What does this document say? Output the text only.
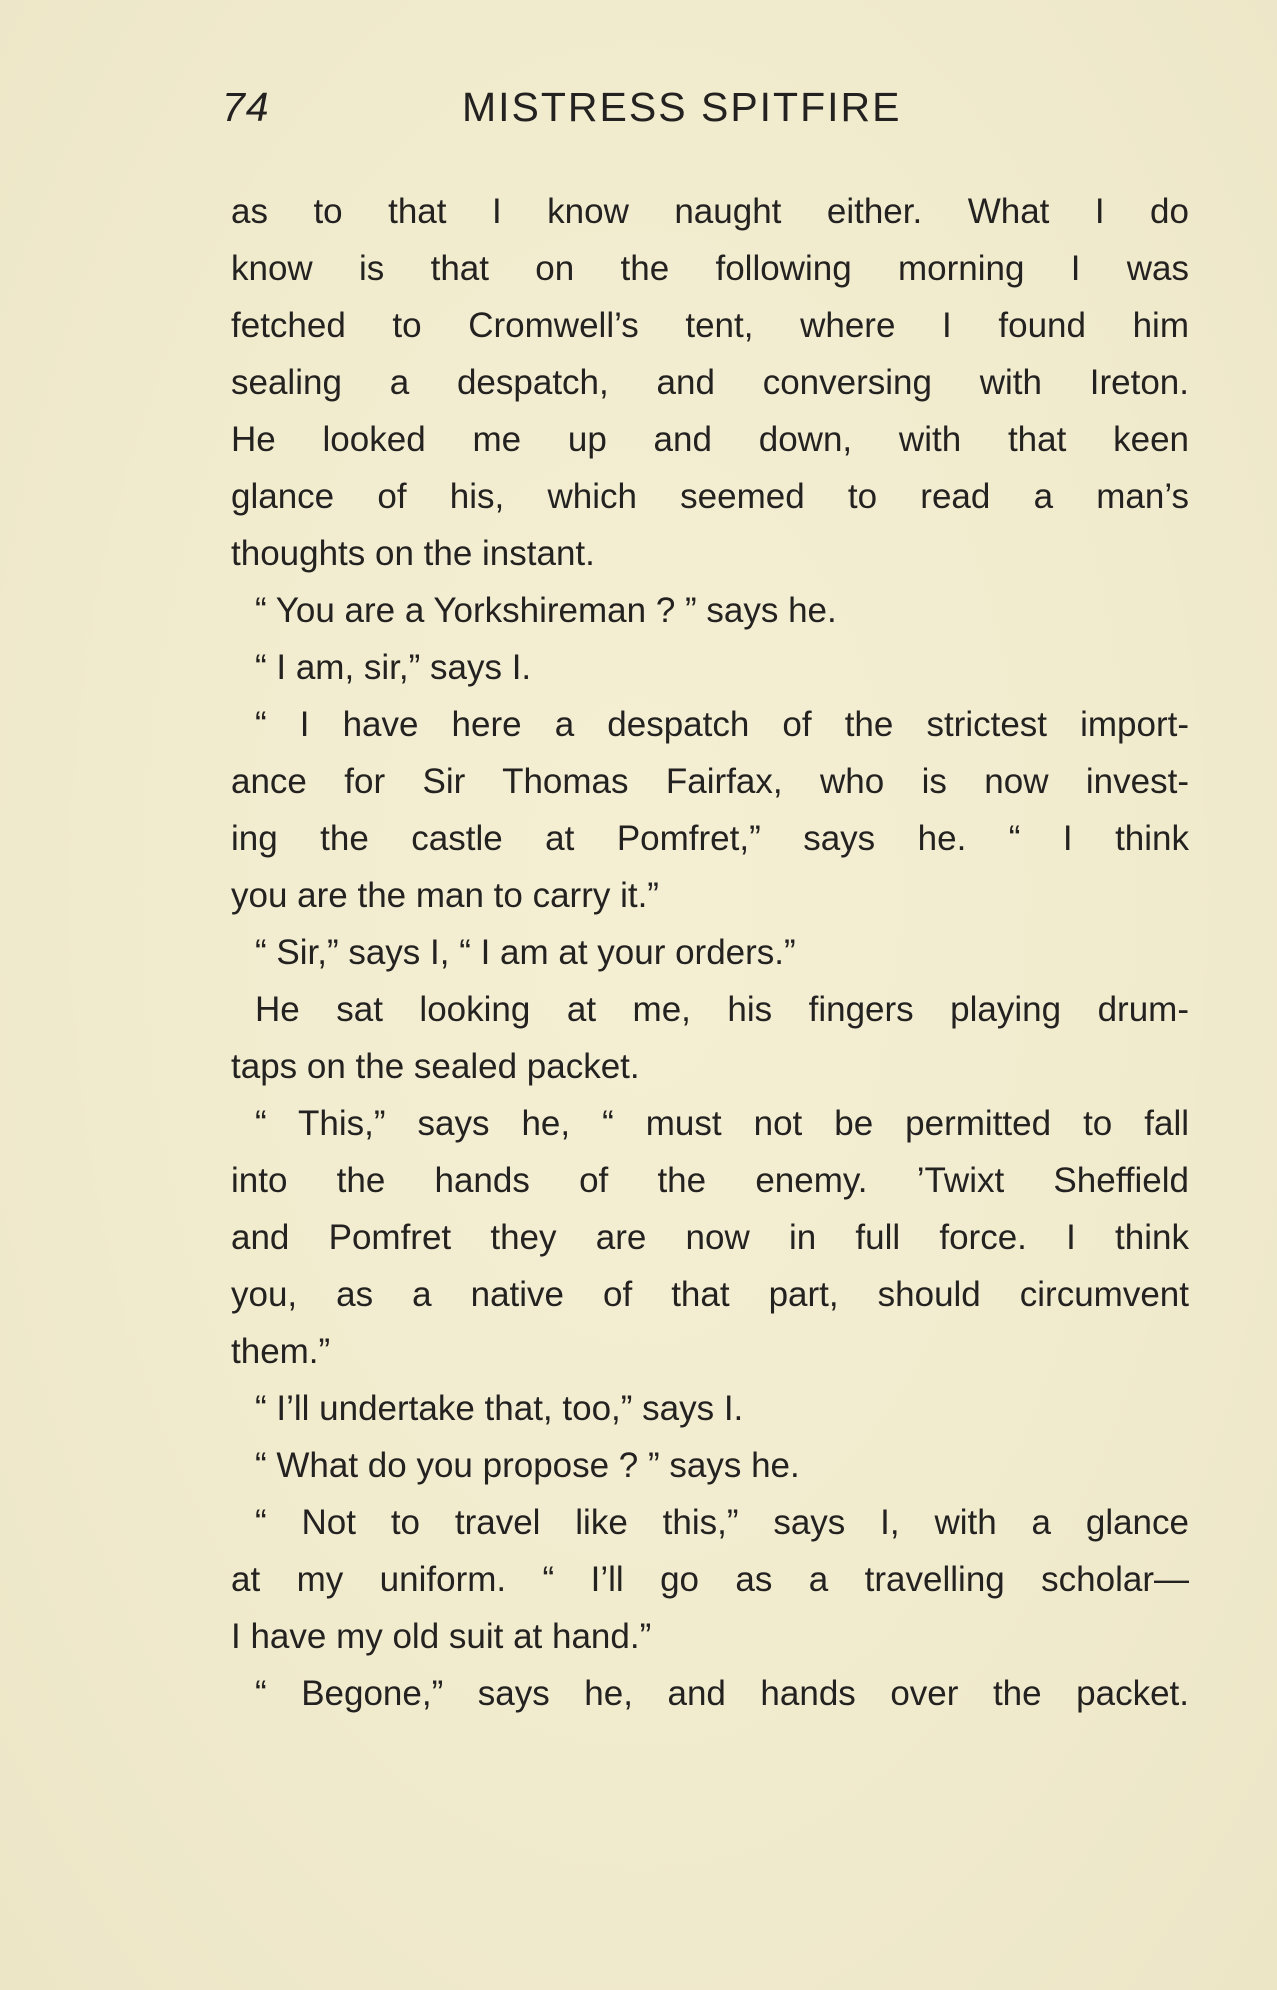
74	MISTRESS SPITFIRE
as to that I know naught either. What I do
know is that on the following morning I was
fetched to Cromwell’s tent, where I found him
sealing a despatch, and conversing with Ireton.
He looked me up and down, with that keen
glance of his, which seemed to read a man’s
thoughts on the instant.
“ You are a Yorkshireman ? ” says he.
“ I am, sir,” says I.
“ I have here a despatch of the strictest import-
ance for Sir Thomas Fairfax, who is now invest-
ing the castle at Pomfret,” says he. “ I think
you are the man to carry it.”
“ Sir,” says I, “ I am at your orders.”
He sat looking at me, his fingers playing drum-
taps on the sealed packet.
“ This,” says he, “ must not be permitted to fall
into the hands of the enemy. ’Twixt Sheffield
and Pomfret they are now in full force. I think
you, as a native of that part, should circumvent
them.”
“ I’ll undertake that, too,” says I.
“ What do you propose ? ” says he.
“ Not to travel like this,” says I, with a glance
at my uniform. “ I’ll go as a travelling scholar—
I have my old suit at hand.”
“ Begone,” says he, and hands over the packet.
